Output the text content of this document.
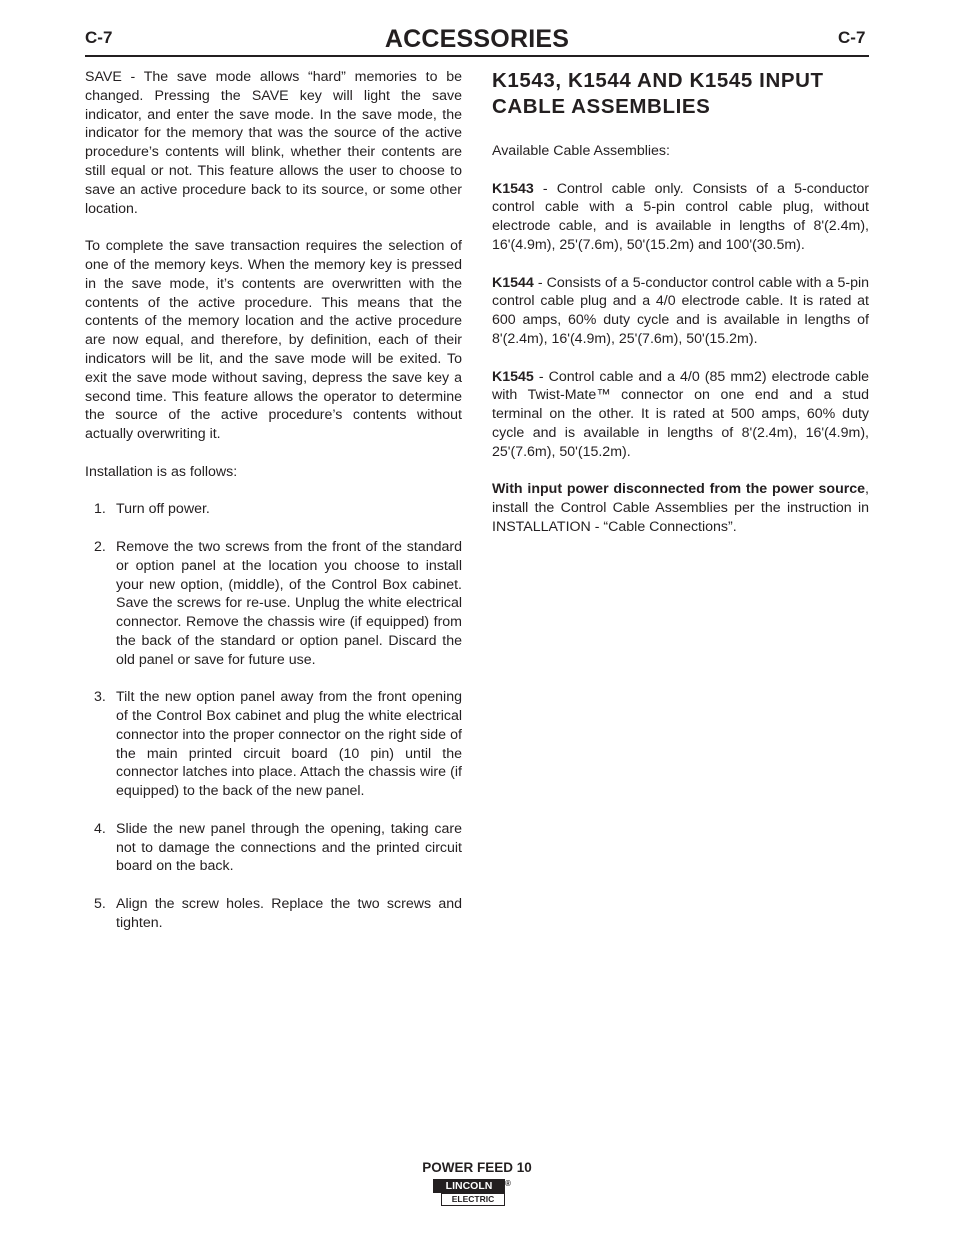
C-7	ACCESSORIES	C-7

SAVE - The save mode allows “hard” memories to be changed. Pressing the SAVE key will light the save indicator, and enter the save mode. In the save mode, the indicator for the memory that was the source of the active procedure’s contents will blink, whether their contents are still equal or not. This feature allows the user to choose to save an active procedure back to its source, or some other location.

To complete the save transaction requires the selection of one of the memory keys. When the memory key is pressed in the save mode, it’s contents are overwritten with the contents of the active procedure. This means that the contents of the memory location and the active procedure are now equal, and therefore, by definition, each of their indicators will be lit, and the save mode will be exited. To exit the save mode without saving, depress the save key a second time. This feature allows the operator to determine the source of the active procedure’s contents without actually overwriting it.

Installation is as follows:

1. Turn off power.
2. Remove the two screws from the front of the standard or option panel at the location you choose to install your new option, (middle), of the Control Box cabinet. Save the screws for re-use. Unplug the white electrical connector. Remove the chassis wire (if equipped) from the back of the standard or option panel. Discard the old panel or save for future use.
3. Tilt the new option panel away from the front opening of the Control Box cabinet and plug the white electrical connector into the proper connector on the right side of the main printed circuit board (10 pin) until the connector latches into place. Attach the chassis wire (if equipped) to the back of the new panel.
4. Slide the new panel through the opening, taking care not to damage the connections and the printed circuit board on the back.
5. Align the screw holes. Replace the two screws and tighten.
K1543, K1544 AND K1545 INPUT CABLE ASSEMBLIES

Available Cable Assemblies:

K1543 - Control cable only. Consists of a 5-conductor control cable with a 5-pin control cable plug, without electrode cable, and is available in lengths of 8'(2.4m), 16'(4.9m), 25'(7.6m), 50'(15.2m) and 100'(30.5m).

K1544 - Consists of a 5-conductor control cable with a 5-pin control cable plug and a 4/0 electrode cable. It is rated at 600 amps, 60% duty cycle and is available in lengths of 8'(2.4m), 16'(4.9m), 25'(7.6m), 50'(15.2m).

K1545 - Control cable and a 4/0 (85 mm2) electrode cable with Twist-Mate™ connector on one end and a stud terminal on the other. It is rated at 500 amps, 60% duty cycle and is available in lengths of 8'(2.4m), 16'(4.9m), 25'(7.6m), 50'(15.2m).

With input power disconnected from the power source, install the Control Cable Assemblies per the instruction in INSTALLATION - “Cable Connections”.

POWER FEED 10
LINCOLN
ELECTRIC
®
